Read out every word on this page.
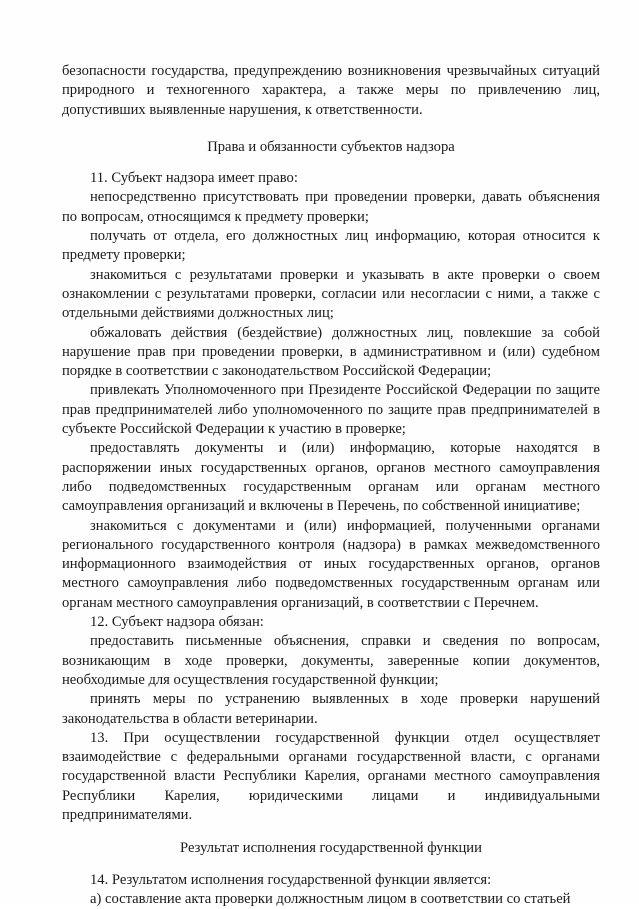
безопасности государства, предупреждению возникновения чрезвычайных ситуаций природного и техногенного характера, а также меры по привлечению лиц, допустивших выявленные нарушения, к ответственности.

Права и обязанности субъектов надзора

11. Субъект надзора имеет право:

непосредственно присутствовать при проведении проверки, давать объяснения по вопросам, относящимся к предмету проверки;

получать от отдела, его должностных лиц информацию, которая относится к предмету проверки;

знакомиться с результатами проверки и указывать в акте проверки о своем ознакомлении с результатами проверки, согласии или несогласии с ними, а также с отдельными действиями должностных лиц;

обжаловать действия (бездействие) должностных лиц, повлекшие за собой нарушение прав при проведении проверки, в административном и (или) судебном порядке в соответствии с законодательством Российской Федерации;

привлекать Уполномоченного при Президенте Российской Федерации по защите прав предпринимателей либо уполномоченного по защите прав предпринимателей в субъекте Российской Федерации к участию в проверке;

предоставлять документы и (или) информацию, которые находятся в распоряжении иных государственных органов, органов местного самоуправления либо подведомственных государственным органам или органам местного самоуправления организаций и включены в Перечень, по собственной инициативе;

знакомиться с документами и (или) информацией, полученными органами регионального государственного контроля (надзора) в рамках межведомственного информационного взаимодействия от иных государственных органов, органов местного самоуправления либо подведомственных государственным органам или органам местного самоуправления организаций, в соответствии с Перечнем.

12. Субъект надзора обязан:

предоставить письменные объяснения, справки и сведения по вопросам, возникающим в ходе проверки, документы, заверенные копии документов, необходимые для осуществления государственной функции;

принять меры по устранению выявленных в ходе проверки нарушений законодательства в области ветеринарии.

13. При осуществлении государственной функции отдел осуществляет взаимодействие с федеральными органами государственной власти, с органами государственной власти Республики Карелия, органами местного самоуправления Республики Карелия, юридическими лицами и индивидуальными предпринимателями.

Результат исполнения государственной функции

14. Результатом исполнения государственной функции является:

а) составление акта проверки должностным лицом в соответствии со статьей
